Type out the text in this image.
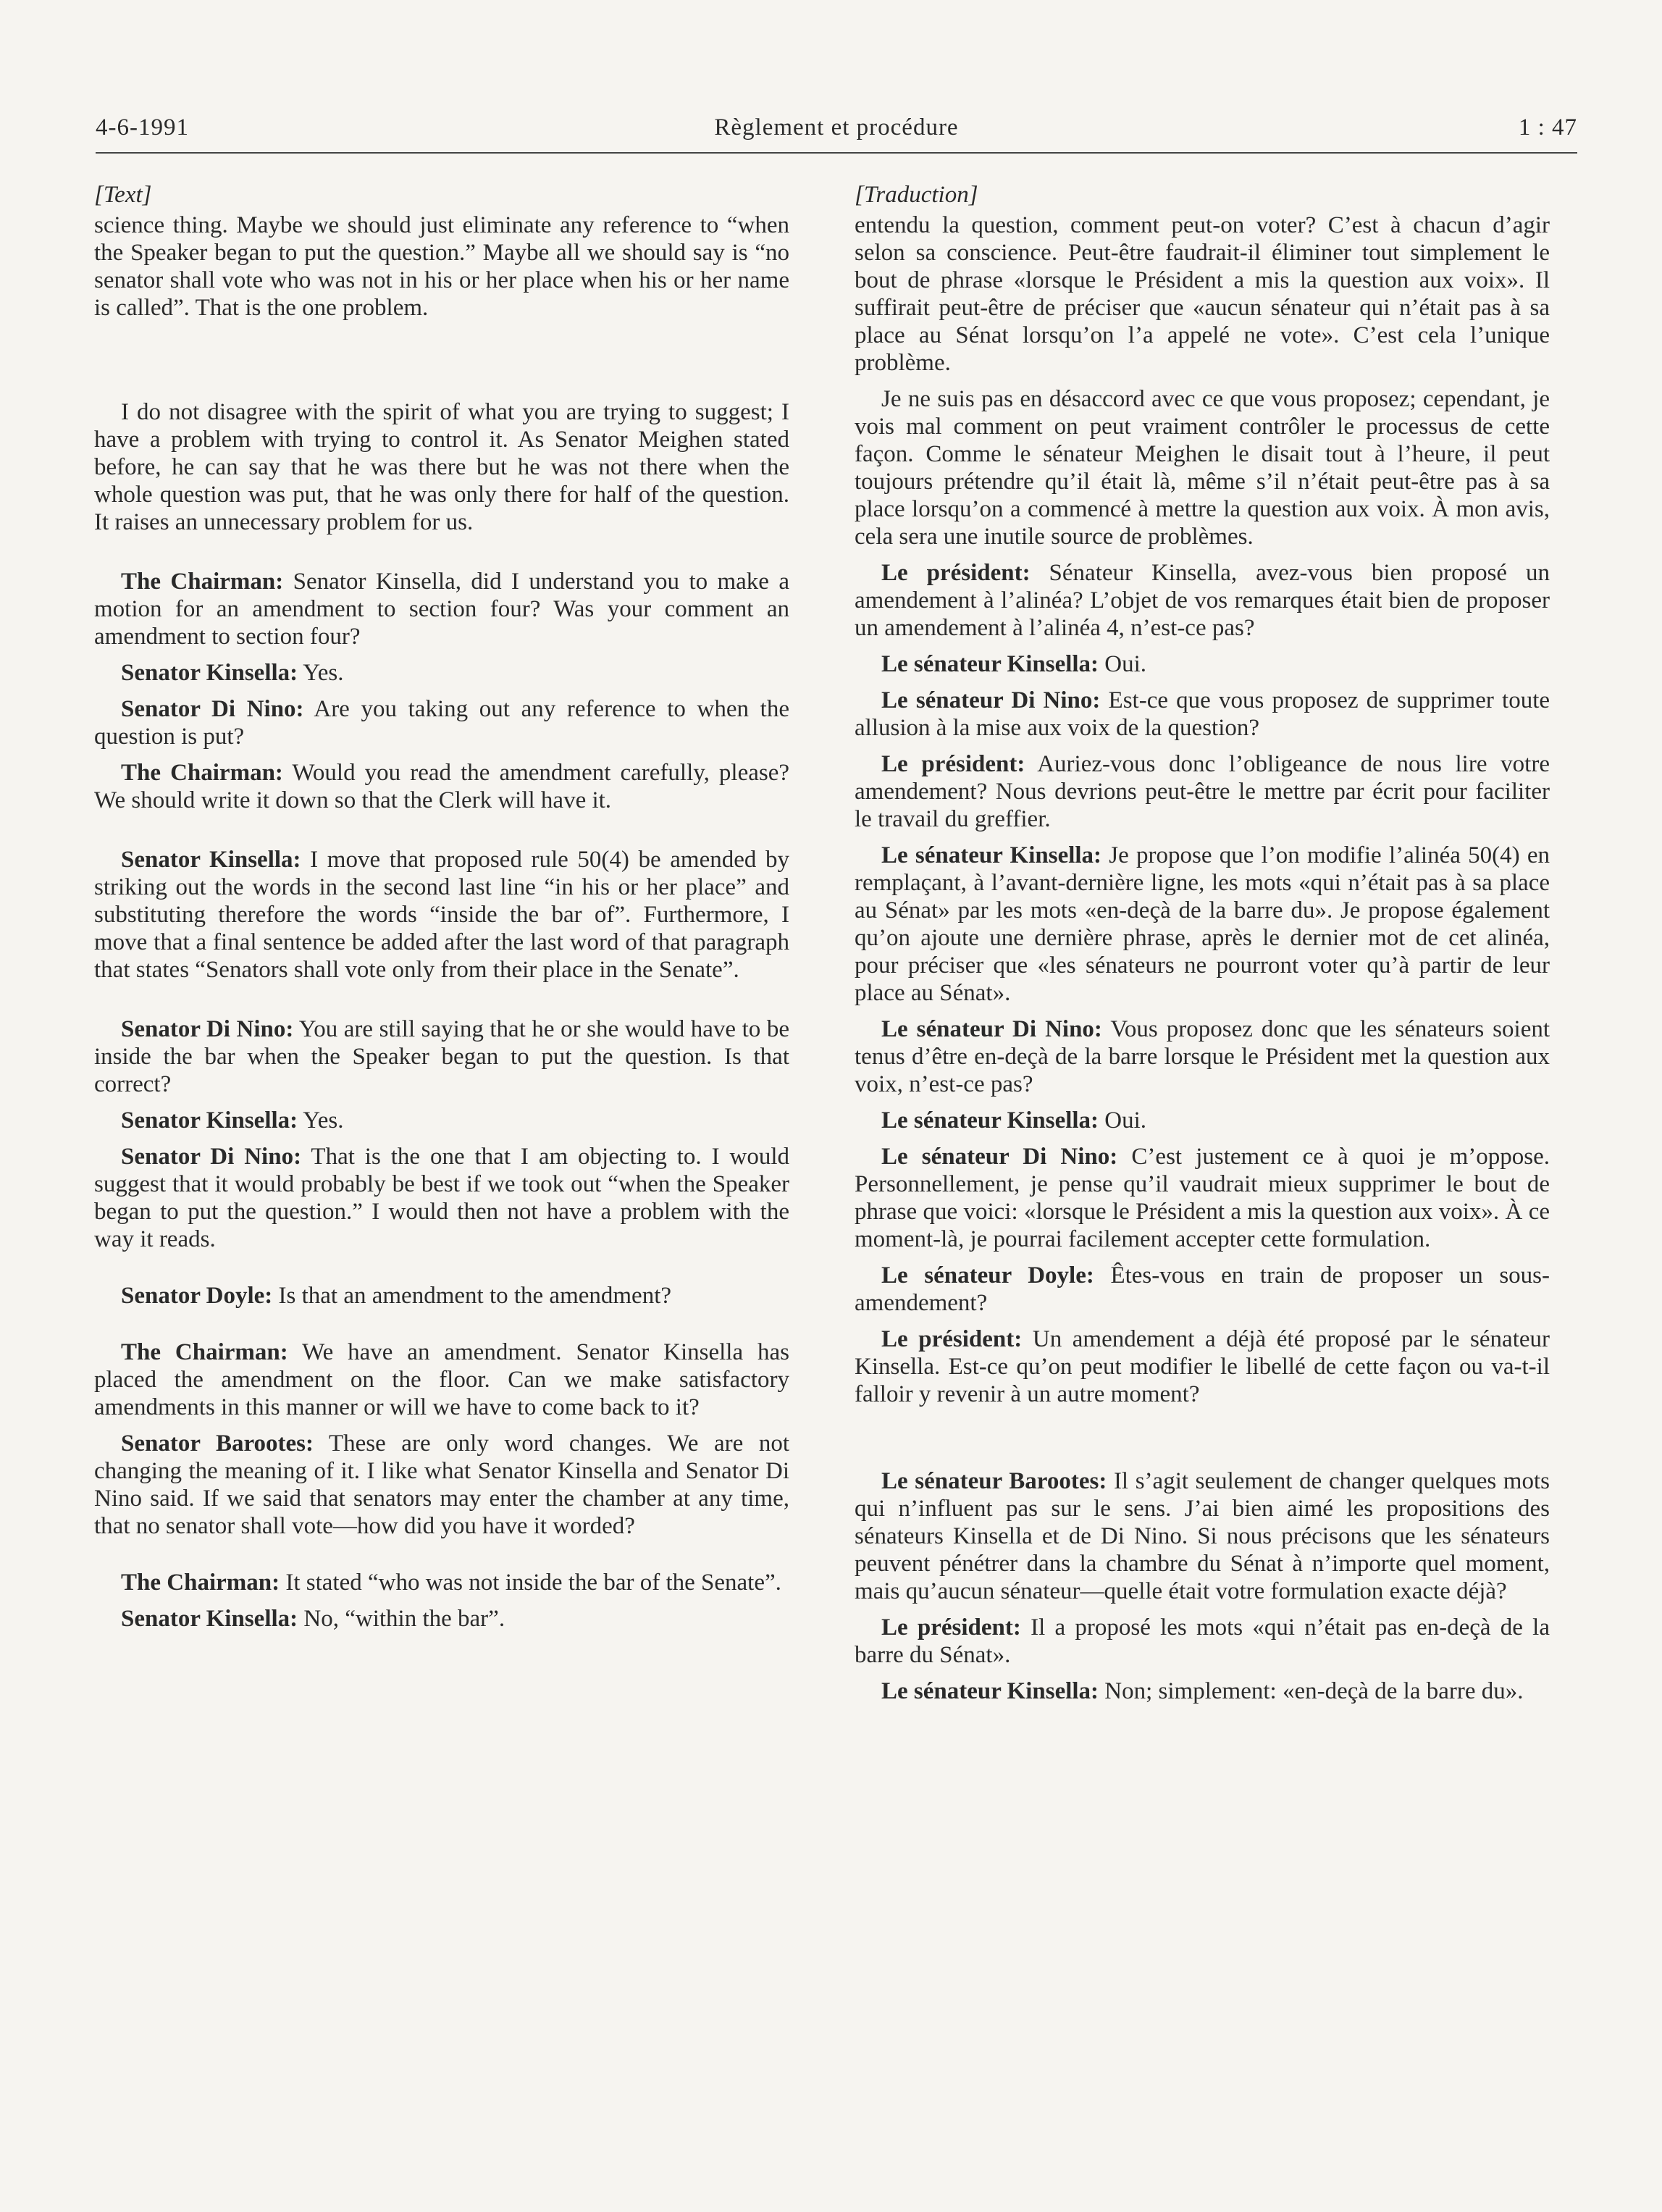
4-6-1991	Règlement et procédure	1 : 47
[Text]

science thing. Maybe we should just eliminate any reference to “when the Speaker began to put the question.” Maybe all we should say is “no senator shall vote who was not in his or her place when his or her name is called”. That is the one problem.

I do not disagree with the spirit of what you are trying to suggest; I have a problem with trying to control it. As Senator Meighen stated before, he can say that he was there but he was not there when the whole question was put, that he was only there for half of the question. It raises an unnecessary problem for us.

The Chairman: Senator Kinsella, did I understand you to make a motion for an amendment to section four? Was your comment an amendment to section four?

Senator Kinsella: Yes.

Senator Di Nino: Are you taking out any reference to when the question is put?

The Chairman: Would you read the amendment carefully, please? We should write it down so that the Clerk will have it.

Senator Kinsella: I move that proposed rule 50(4) be amended by striking out the words in the second last line “in his or her place” and substituting therefore the words “inside the bar of”. Furthermore, I move that a final sentence be added after the last word of that paragraph that states “Senators shall vote only from their place in the Senate”.

Senator Di Nino: You are still saying that he or she would have to be inside the bar when the Speaker began to put the question. Is that correct?

Senator Kinsella: Yes.

Senator Di Nino: That is the one that I am objecting to. I would suggest that it would probably be best if we took out “when the Speaker began to put the question.” I would then not have a problem with the way it reads.

Senator Doyle: Is that an amendment to the amendment?

The Chairman: We have an amendment. Senator Kinsella has placed the amendment on the floor. Can we make satisfactory amendments in this manner or will we have to come back to it?

Senator Barootes: These are only word changes. We are not changing the meaning of it. I like what Senator Kinsella and Senator Di Nino said. If we said that senators may enter the chamber at any time, that no senator shall vote—how did you have it worded?

The Chairman: It stated “who was not inside the bar of the Senate”.

Senator Kinsella: No, “within the bar”.

[Traduction]

entendu la question, comment peut-on voter? C’est à chacun d’agir selon sa conscience. Peut-être faudrait-il éliminer tout simplement le bout de phrase «lorsque le Président a mis la question aux voix». Il suffirait peut-être de préciser que «aucun sénateur qui n’était pas à sa place au Sénat lorsqu’on l’a appelé ne vote». C’est cela l’unique problème.

Je ne suis pas en désaccord avec ce que vous proposez; cependant, je vois mal comment on peut vraiment contrôler le processus de cette façon. Comme le sénateur Meighen le disait tout à l’heure, il peut toujours prétendre qu’il était là, même s’il n’était peut-être pas à sa place lorsqu’on a commencé à mettre la question aux voix. À mon avis, cela sera une inutile source de problèmes.

Le président: Sénateur Kinsella, avez-vous bien proposé un amendement à l’alinéa? L’objet de vos remarques était bien de proposer un amendement à l’alinéa 4, n’est-ce pas?

Le sénateur Kinsella: Oui.

Le sénateur Di Nino: Est-ce que vous proposez de supprimer toute allusion à la mise aux voix de la question?

Le président: Auriez-vous donc l’obligeance de nous lire votre amendement? Nous devrions peut-être le mettre par écrit pour faciliter le travail du greffier.

Le sénateur Kinsella: Je propose que l’on modifie l’alinéa 50(4) en remplaçant, à l’avant-dernière ligne, les mots «qui n’était pas à sa place au Sénat» par les mots «en-deçà de la barre du». Je propose également qu’on ajoute une dernière phrase, après le dernier mot de cet alinéa, pour préciser que «les sénateurs ne pourront voter qu’à partir de leur place au Sénat».

Le sénateur Di Nino: Vous proposez donc que les sénateurs soient tenus d’être en-deçà de la barre lorsque le Président met la question aux voix, n’est-ce pas?

Le sénateur Kinsella: Oui.

Le sénateur Di Nino: C’est justement ce à quoi je m’oppose. Personnellement, je pense qu’il vaudrait mieux supprimer le bout de phrase que voici: «lorsque le Président a mis la question aux voix». À ce moment-là, je pourrai facilement accepter cette formulation.

Le sénateur Doyle: Êtes-vous en train de proposer un sous-amendement?

Le président: Un amendement a déjà été proposé par le sénateur Kinsella. Est-ce qu’on peut modifier le libellé de cette façon ou va-t-il falloir y revenir à un autre moment?

Le sénateur Barootes: Il s’agit seulement de changer quelques mots qui n’influent pas sur le sens. J’ai bien aimé les propositions des sénateurs Kinsella et de Di Nino. Si nous précisons que les sénateurs peuvent pénétrer dans la chambre du Sénat à n’importe quel moment, mais qu’aucun sénateur—quelle était votre formulation exacte déjà?

Le président: Il a proposé les mots «qui n’était pas en-deçà de la barre du Sénat».

Le sénateur Kinsella: Non; simplement: «en-deçà de la barre du».
